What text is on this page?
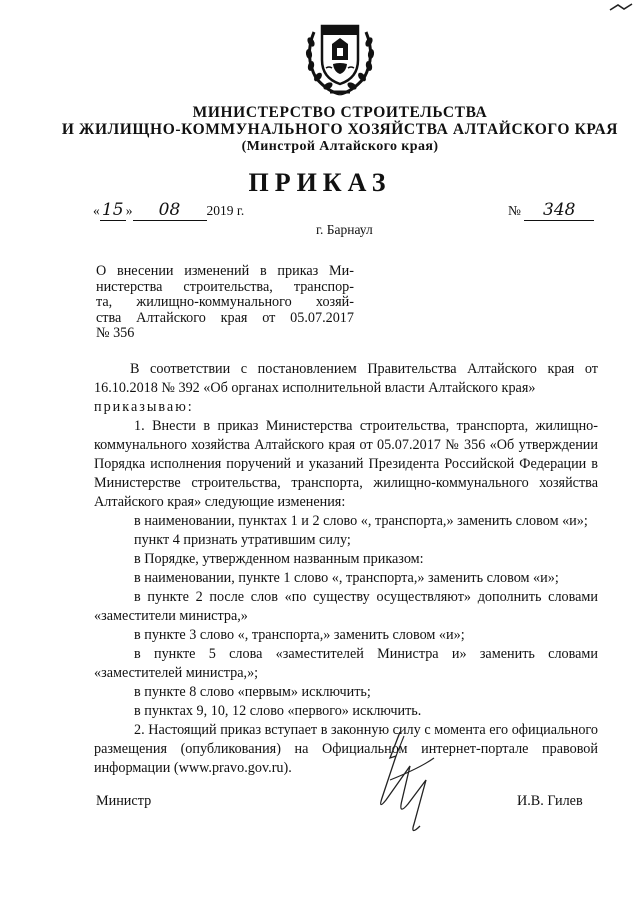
МИНИСТЕРСТВО СТРОИТЕЛЬСТВА
И ЖИЛИЩНО-КОММУНАЛЬНОГО ХОЗЯЙСТВА АЛТАЙСКОГО КРАЯ
(Минстрой Алтайского края)
ПРИКАЗ
« 15 » 08 2019 г.	№ 348
г. Барнаул
О внесении изменений в приказ Ми-
нистерства строительства, транспор-
та, жилищно-коммунального хозяй-
ства Алтайского края от 05.07.2017
№ 356

В соответствии с постановлением Правительства Алтайского края от 16.10.2018 № 392 «Об органах исполнительной власти Алтайского края»

приказываю:

1. Внести в приказ Министерства строительства, транспорта, жилищно-коммунального хозяйства Алтайского края от 05.07.2017 № 356 «Об утверждении Порядка исполнения поручений и указаний Президента Российской Федерации в Министерстве строительства, транспорта, жилищно-коммунального хозяйства Алтайского края» следующие изменения:

в наименовании, пунктах 1 и 2 слово «, транспорта,» заменить словом «и»;

пункт 4 признать утратившим силу;

в Порядке, утвержденном названным приказом:

в наименовании, пункте 1 слово «, транспорта,» заменить словом «и»;

в пункте 2 после слов «по существу осуществляют» дополнить словами «заместители министра,»

в пункте 3 слово «, транспорта,» заменить словом «и»;

в пункте 5 слова «заместителей Министра и» заменить словами «заместителей министра,»;

в пункте 8 слово «первым» исключить;

в пунктах 9, 10, 12 слово «первого» исключить.

2. Настоящий приказ вступает в законную силу с момента его официального размещения (опубликования) на Официальном интернет-портале правовой информации (www.pravo.gov.ru).

Министр	И.В. Гилев
